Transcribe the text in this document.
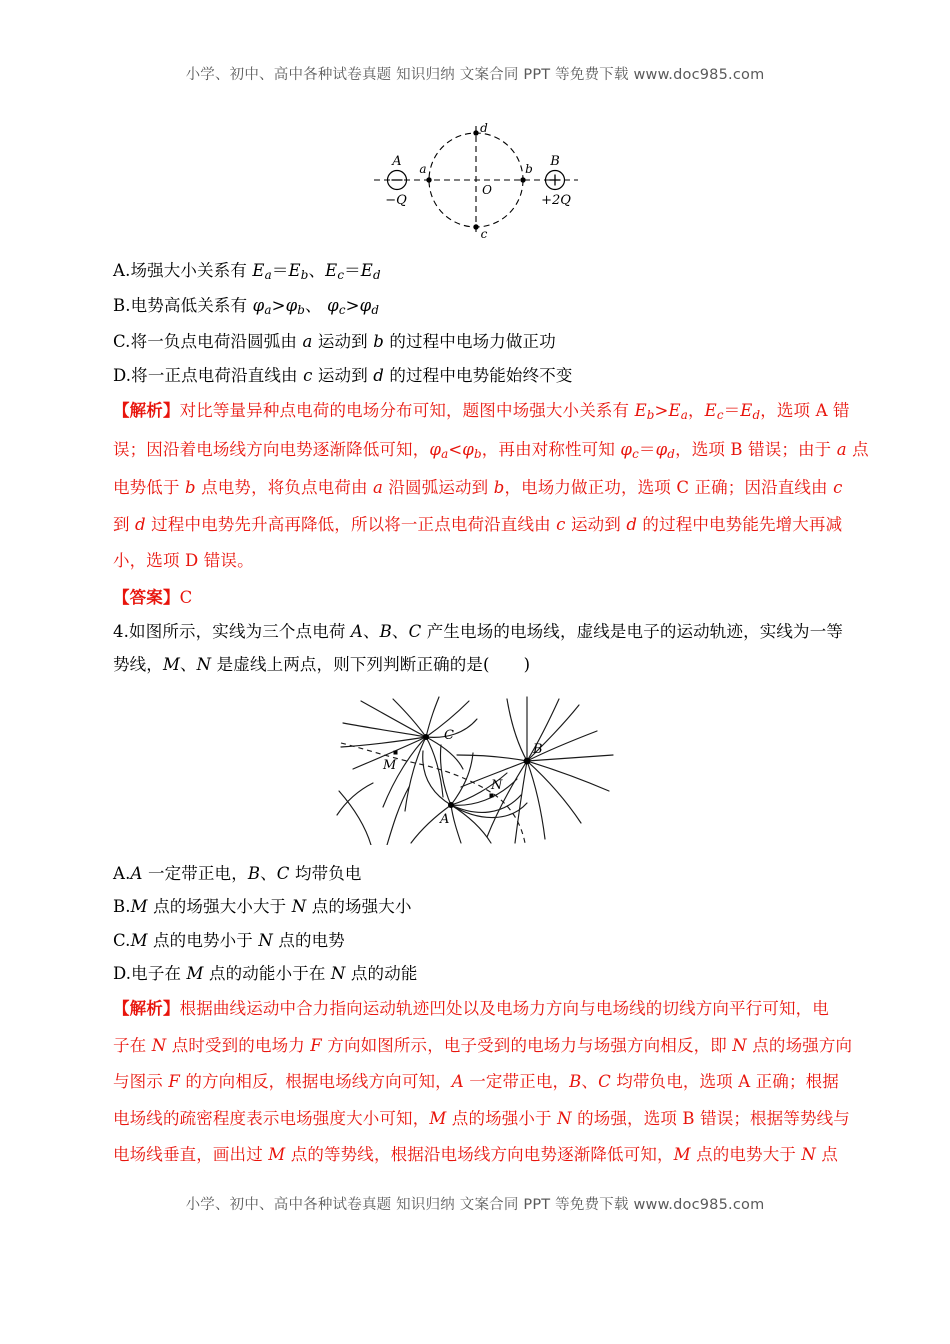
小学、初中、高中各种试卷真题 知识归纳 文案合同 PPT 等免费下载 www.doc985.com
A
−Q
B
+2Q
a	b
d
c
O

A.场强大小关系有 $E_a=E_b$、$E_c=E_d$

B.电势高低关系有 $\varphi_a>\varphi_b$、 $\varphi_c>\varphi_d$

C.将一负点电荷沿圆弧由 a 运动到 b 的过程中电场力做正功

D.将一正点电荷沿直线由 c 运动到 d 的过程中电势能始终不变

【解析】对比等量异种点电荷的电场分布可知，题图中场强大小关系有 $E_b>E_a$，$E_c=E_d$，选项 A 错

误；因沿着电场线方向电势逐渐降低可知，$\varphi_a<\varphi_b$，再由对称性可知 $\varphi_c=\varphi_d$，选项 B 错误；由于 a 点

电势低于 b 点电势，将负点电荷由 a 沿圆弧运动到 b，电场力做正功，选项 C 正确；因沿直线由 c

到 d 过程中电势先升高再降低，所以将一正点电荷沿直线由 c 运动到 d 的过程中电势能先增大再减

小，选项 D 错误。

【答案】C

4.如图所示，实线为三个点电荷 A、B、C 产生电场的电场线，虚线是电子的运动轨迹，实线为一等

势线，M、N 是虚线上两点，则下列判断正确的是( )

C
B
A
M
N

A.A 一定带正电，B、C 均带负电

B.M 点的场强大小大于 N 点的场强大小

C.M 点的电势小于 N 点的电势

D.电子在 M 点的动能小于在 N 点的动能

【解析】根据曲线运动中合力指向运动轨迹凹处以及电场力方向与电场线的切线方向平行可知，电

子在 N 点时受到的电场力 F 方向如图所示，电子受到的电场力与场强方向相反，即 N 点的场强方向

与图示 F 的方向相反，根据电场线方向可知，A 一定带正电，B、C 均带负电，选项 A 正确；根据

电场线的疏密程度表示电场强度大小可知，M 点的场强小于 N 的场强，选项 B 错误；根据等势线与

电场线垂直，画出过 M 点的等势线，根据沿电场线方向电势逐渐降低可知，M 点的电势大于 N 点

小学、初中、高中各种试卷真题 知识归纳 文案合同 PPT 等免费下载 www.doc985.com
